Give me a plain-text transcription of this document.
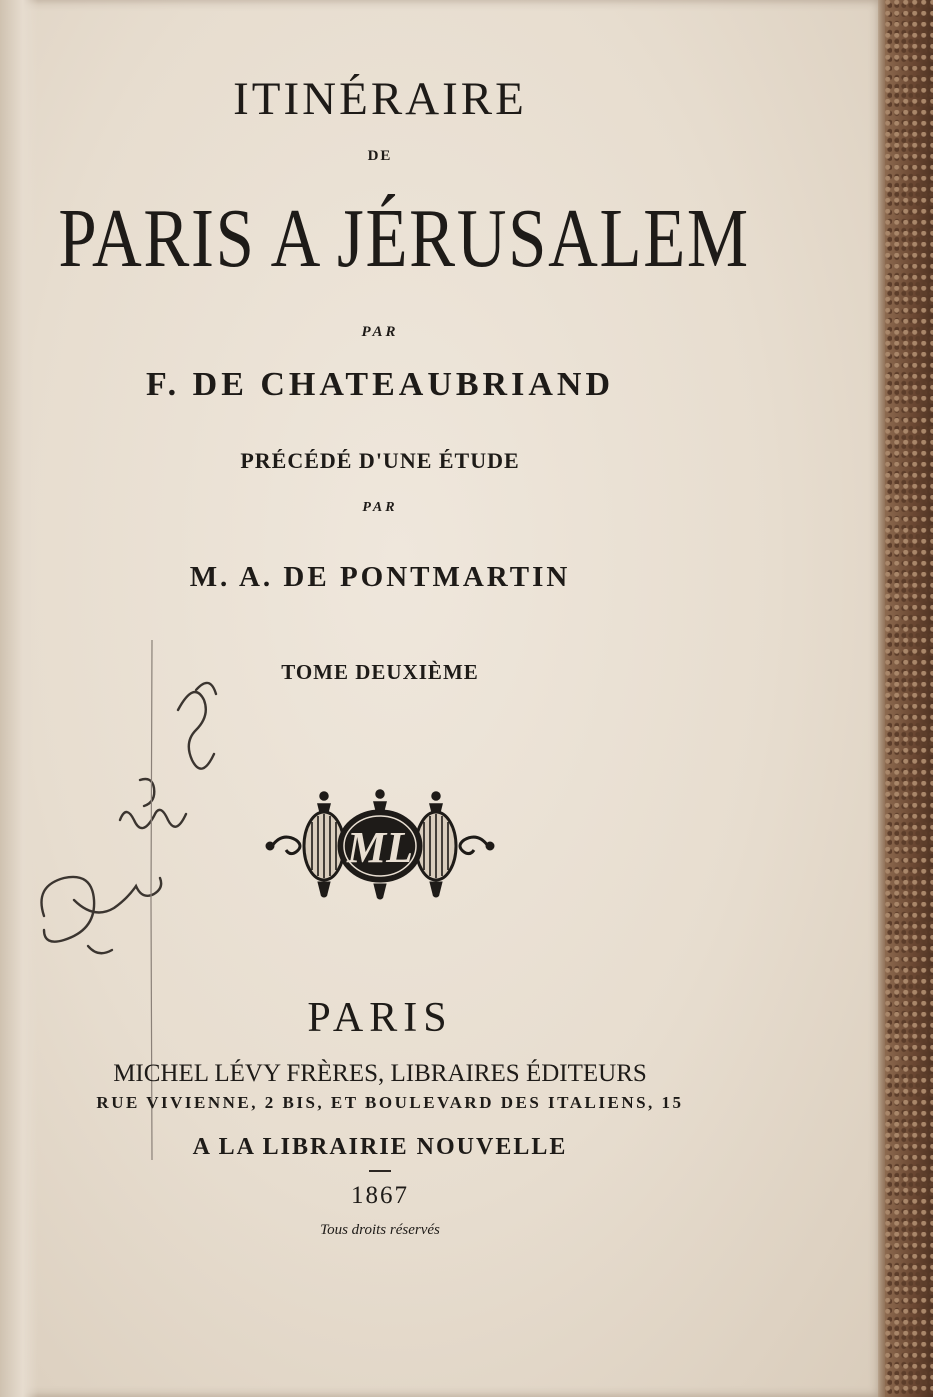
ITINÉRAIRE
DE
PARIS A JÉRUSALEM
PAR
F. DE CHATEAUBRIAND
PRÉCÉDÉ D'UNE ÉTUDE
PAR
M. A. DE PONTMARTIN
TOME DEUXIÈME
ML
PARIS
MICHEL LÉVY FRÈRES, LIBRAIRES ÉDITEURS
RUE VIVIENNE, 2 BIS, ET BOULEVARD DES ITALIENS, 15
A LA LIBRAIRIE NOUVELLE
1867
Tous droits réservés
